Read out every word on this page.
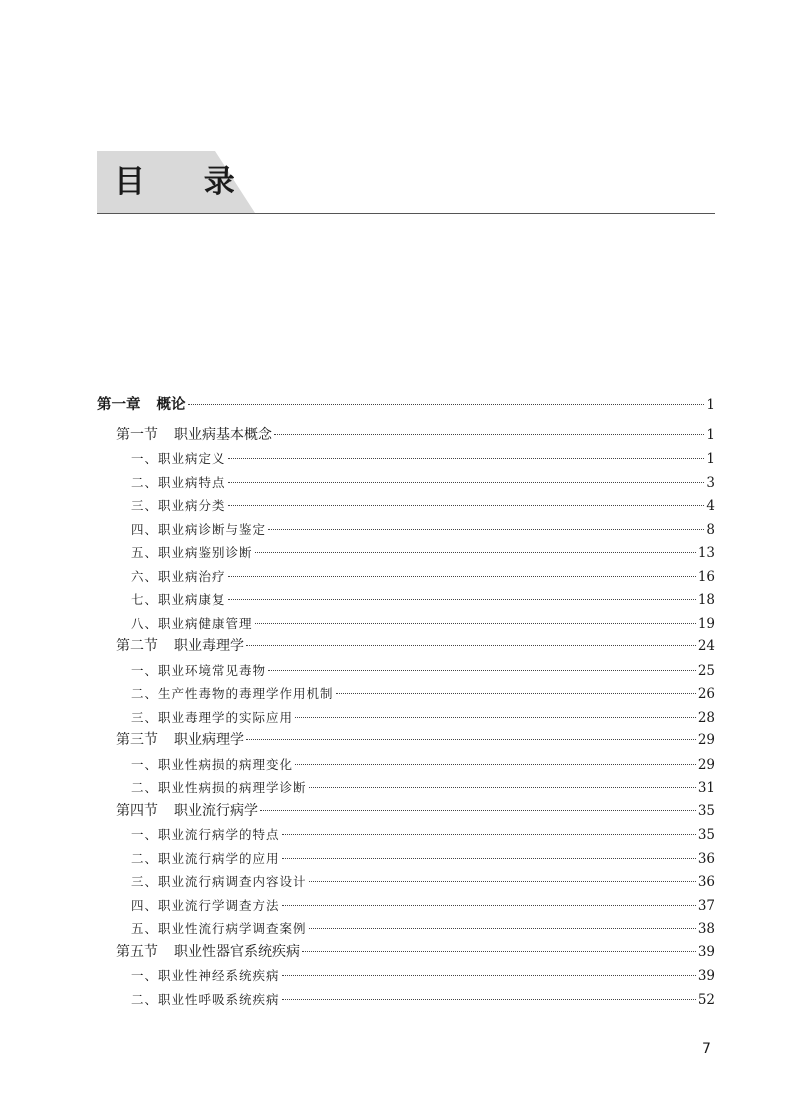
目 录
第一章 概论	1
第一节 职业病基本概念	1
一、职业病定义	1
二、职业病特点	3
三、职业病分类	4
四、职业病诊断与鉴定	8
五、职业病鉴别诊断	13
六、职业病治疗	16
七、职业病康复	18
八、职业病健康管理	19
第二节 职业毒理学	24
一、职业环境常见毒物	25
二、生产性毒物的毒理学作用机制	26
三、职业毒理学的实际应用	28
第三节 职业病理学	29
一、职业性病损的病理变化	29
二、职业性病损的病理学诊断	31
第四节 职业流行病学	35
一、职业流行病学的特点	35
二、职业流行病学的应用	36
三、职业流行病调查内容设计	36
四、职业流行学调查方法	37
五、职业性流行病学调查案例	38
第五节 职业性器官系统疾病	39
一、职业性神经系统疾病	39
二、职业性呼吸系统疾病	52
7
